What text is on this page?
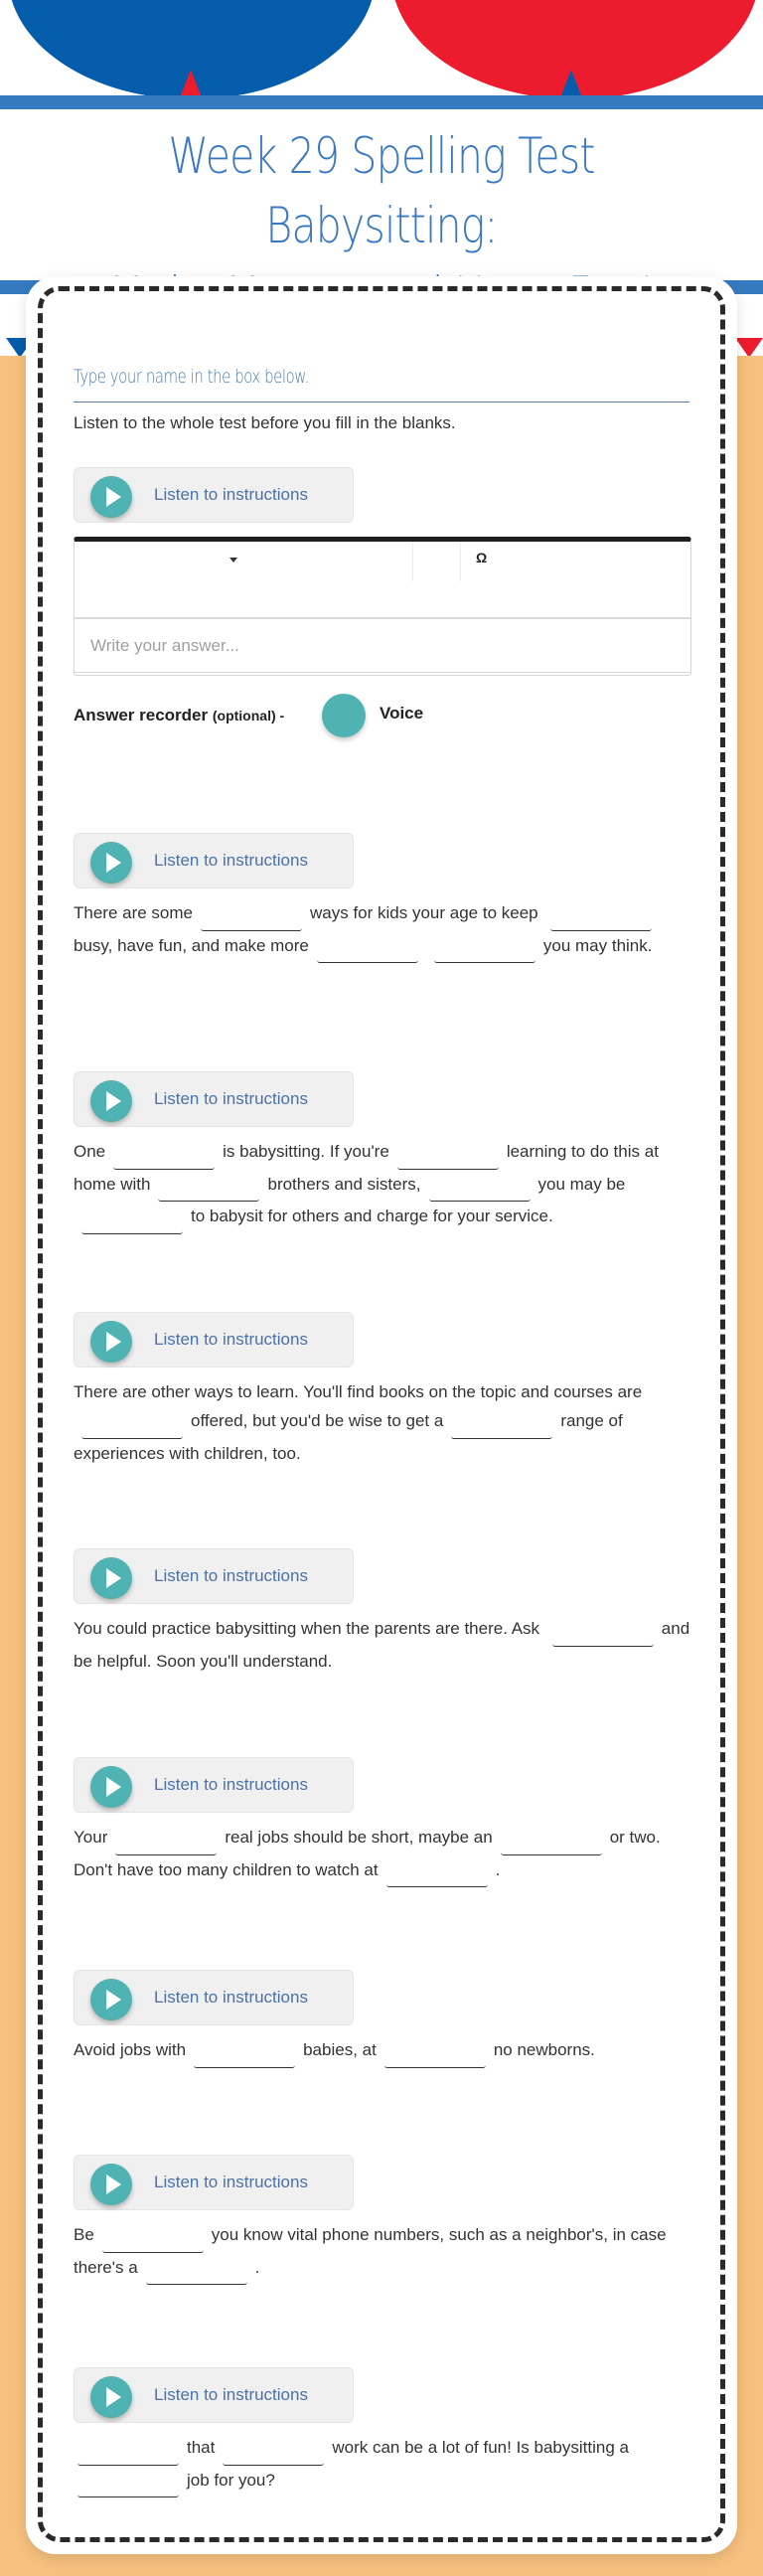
Week 29 Spelling Test Babysitting:
Type your name in the box below.
Listen to the whole test before you fill in the blanks.
Listen to instructions
Ω
Write your answer...
Answer recorder (optional) -	Voice
Listen to instructions
There are some	ways for kids your age to keep busy, have fun, and make more	you may think.
Listen to instructions
One	is babysitting. If you're	learning to do this at home with	brothers and sisters,	you may be to babysit for others and charge for your service.
Listen to instructions
There are other ways to learn. You'll find books on the topic and courses areoffered, but you'd be wise to get a	range of experiences with children, too.
Listen to instructions
You could practice babysitting when the parents are there. Ask	and be helpful. Soon you'll understand.
Listen to instructions
Your	real jobs should be short, maybe an	or two. Don't have too many children to watch at	.
Listen to instructions
Avoid jobs with	babies, at	no newborns.
Listen to instructions
Be	you know vital phone numbers, such as a neighbor's, in case there's a	.
Listen to instructions
that	work can be a lot of fun! Is babysitting a job for you?
